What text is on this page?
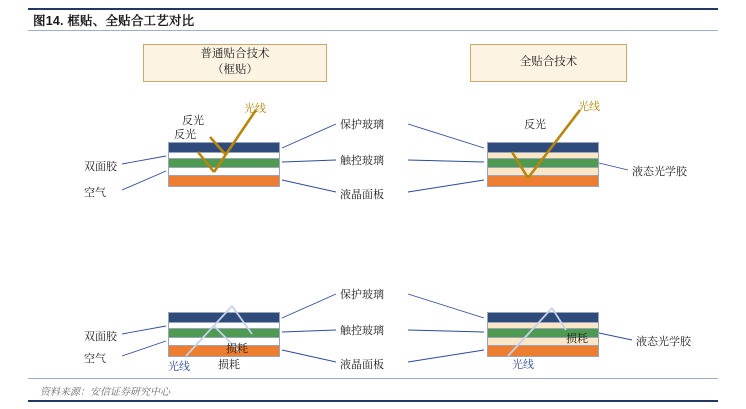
图14. 框贴、全贴合工艺对比
普通贴合技术
（框贴）
全贴合技术
光线
反光
反光
双面胶
空气
保护玻璃
触控玻璃
液晶面板
反光
光线
液态光学胶
双面胶
空气
光线
损耗
损耗
保护玻璃
触控玻璃
液晶面板
损耗
光线
液态光学胶
资料来源：安信证券研究中心
